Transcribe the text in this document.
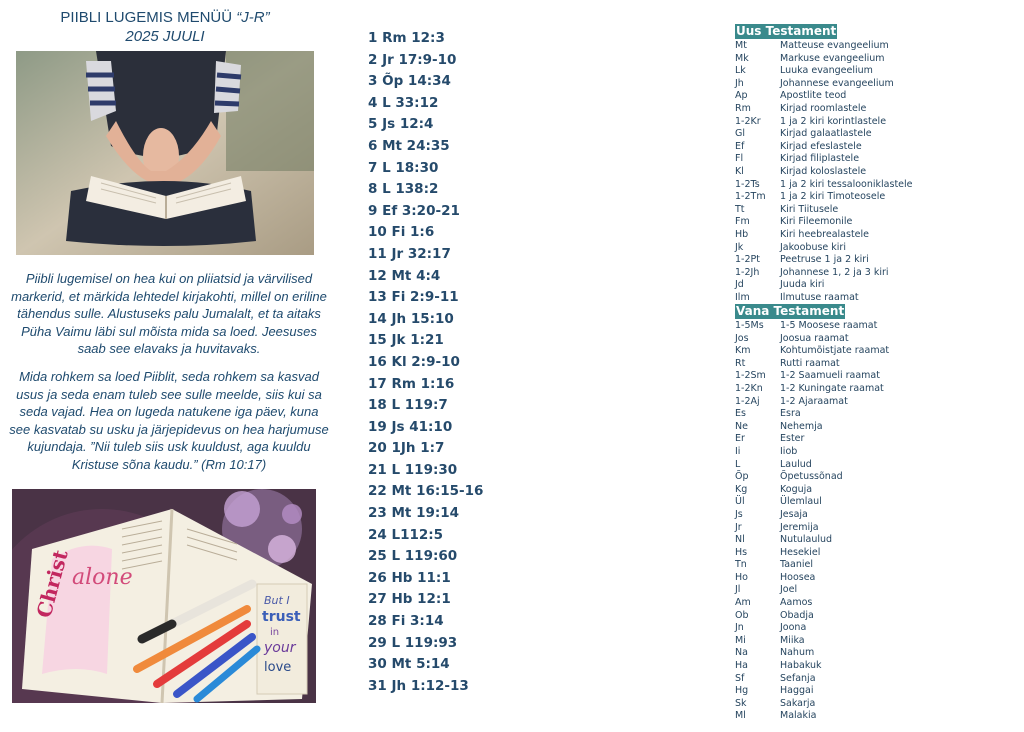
PIIBLI LUGEMIS MENÜÜ “J-R”
2025 JUULI

Piibli lugemisel on hea kui on pliiatsid ja värvilised markerid, et märkida lehtedel kirjakohti, millel on eriline tähendus sulle. Alustuseks palu Jumalalt, et ta aitaks Püha Vaimu läbi sul mõista mida sa loed. Jeesuses saab see elavaks ja huvitavaks.

Mida rohkem sa loed Piiblit, seda rohkem sa kasvad usus ja seda enam tuleb see sulle meelde, siis kui sa seda vajad. Hea on lugeda natukene iga päev, kuna see kasvatab su usku ja järjepidevus on hea harjumuse kujundaja. ”Nii tuleb siis usk kuuldust, aga kuuldu Kristuse sõna kaudu.” (Rm 10:17)

Christ alone
But I
trust
in
your
love
1 Rm 12:3
2 Jr 17:9-10
3 Õp 14:34
4 L 33:12
5 Js 12:4
6 Mt 24:35
7 L 18:30
8 L 138:2
9 Ef 3:20-21
10 Fi 1:6
11 Jr 32:17
12 Mt 4:4
13 Fi 2:9-11
14 Jh 15:10
15 Jk 1:21
16 Kl 2:9-10
17 Rm 1:16
18 L 119:7
19 Js 41:10
20 1Jh 1:7
21 L 119:30
22 Mt 16:15-16
23 Mt 19:14
24 L112:5
25 L 119:60
26 Hb 11:1
27 Hb 12:1
28 Fi 3:14
29 L 119:93
30 Mt 5:14
31 Jh 1:12-13
Uus Testament
Mt	Matteuse evangeelium
Mk	Markuse evangeelium
Lk	Luuka evangeelium
Jh	Johannese evangeelium
Ap	Apostlite teod
Rm	Kirjad roomlastele
1-2Kr 1 ja 2 kiri korintlastele
Gl	Kirjad galaatlastele
Ef	Kirjad efeslastele
Fl	Kirjad filiplastele
Kl	Kirjad koloslastele
1-2Ts 1 ja 2 kiri tessalooniklastele
1-2Tm 1 ja 2 kiri Timoteosele
Tt	Kiri Tiitusele
Fm	Kiri Fileemonile
Hb	Kiri heebrealastele
Jk	Jakoobuse kiri
1-2Pt Peetruse 1 ja 2 kiri
1-2Jh Johannese 1, 2 ja 3 kiri
Jd	Juuda kiri
Ilm	Ilmutuse raamat
Vana Testament
1-5Ms 1-5 Moosese raamat
Jos	Joosua raamat
Km	Kohtumõistjate raamat
Rt	Rutti raamat
1-2Sm 1-2 Saamueli raamat
1-2Kn 1-2 Kuningate raamat
1-2Aj 1-2 Ajaraamat
Es	Esra
Ne	Nehemja
Er	Ester
Ii	Iiob
L	Laulud
Õp	Õpetussõnad
Kg	Koguja
Ül	Ülemlaul
Js	Jesaja
Jr	Jeremija
Nl	Nutulaulud
Hs	Hesekiel
Tn	Taaniel
Ho	Hoosea
Jl	Joel
Am	Aamos
Ob	Obadja
Jn	Joona
Mi	Miika
Na	Nahum
Ha	Habakuk
Sf	Sefanja
Hg	Haggai
Sk	Sakarja
Ml	Malakia
